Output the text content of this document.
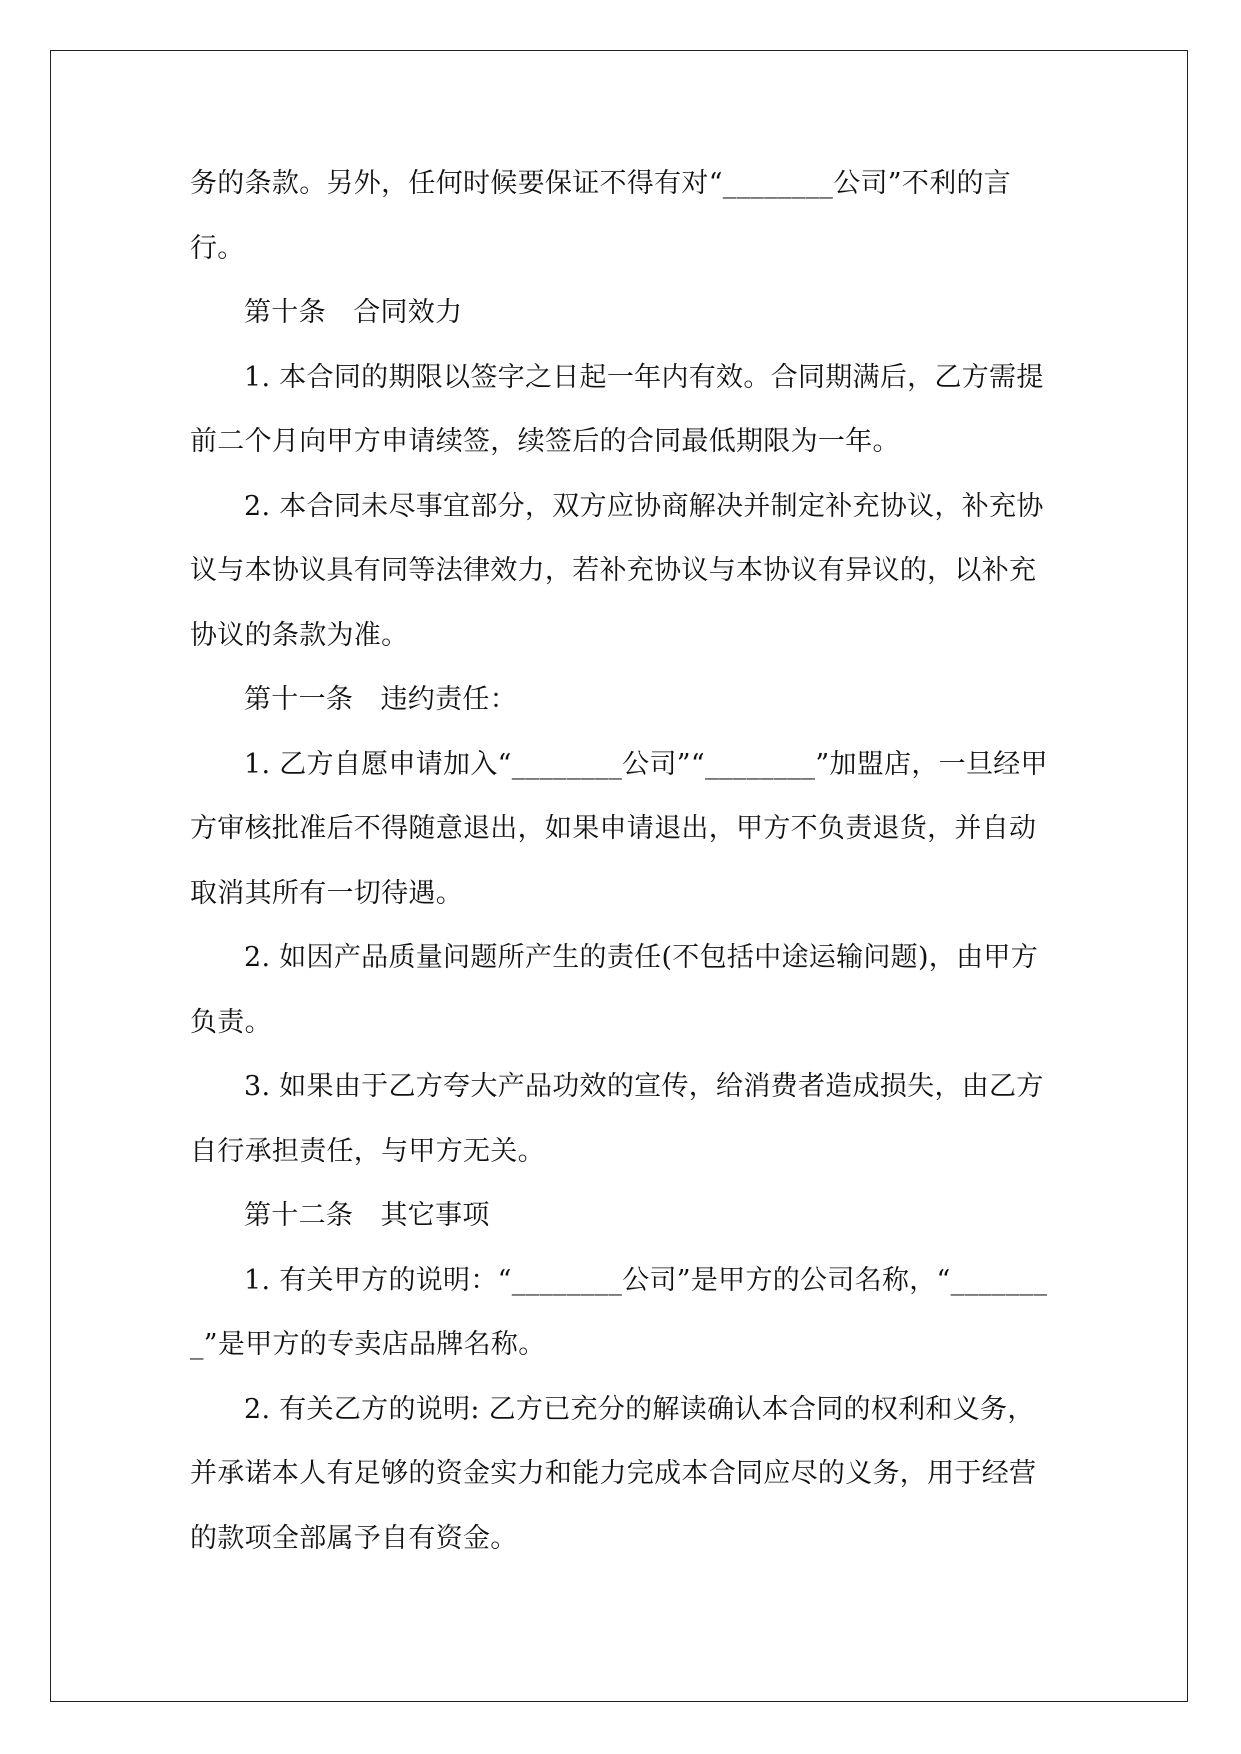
务的条款。另外，任何时候要保证不得有对“________公司”不利的言行。

第十条　合同效力

1. 本合同的期限以签字之日起一年内有效。合同期满后，乙方需提前二个月向甲方申请续签，续签后的合同最低期限为一年。

2. 本合同未尽事宜部分，双方应协商解决并制定补充协议，补充协议与本协议具有同等法律效力，若补充协议与本协议有异议的，以补充协议的条款为准。

第十一条　违约责任：

1. 乙方自愿申请加入“________公司”“________”加盟店，一旦经甲方审核批准后不得随意退出，如果申请退出，甲方不负责退货，并自动取消其所有一切待遇。

2. 如因产品质量问题所产生的责任(不包括中途运输问题)，由甲方负责。

3. 如果由于乙方夸大产品功效的宣传，给消费者造成损失，由乙方自行承担责任，与甲方无关。

第十二条　其它事项

1. 有关甲方的说明：“________公司”是甲方的公司名称，“________”是甲方的专卖店品牌名称。

2. 有关乙方的说明: 乙方已充分的解读确认本合同的权利和义务，并承诺本人有足够的资金实力和能力完成本合同应尽的义务，用于经营的款项全部属予自有资金。
